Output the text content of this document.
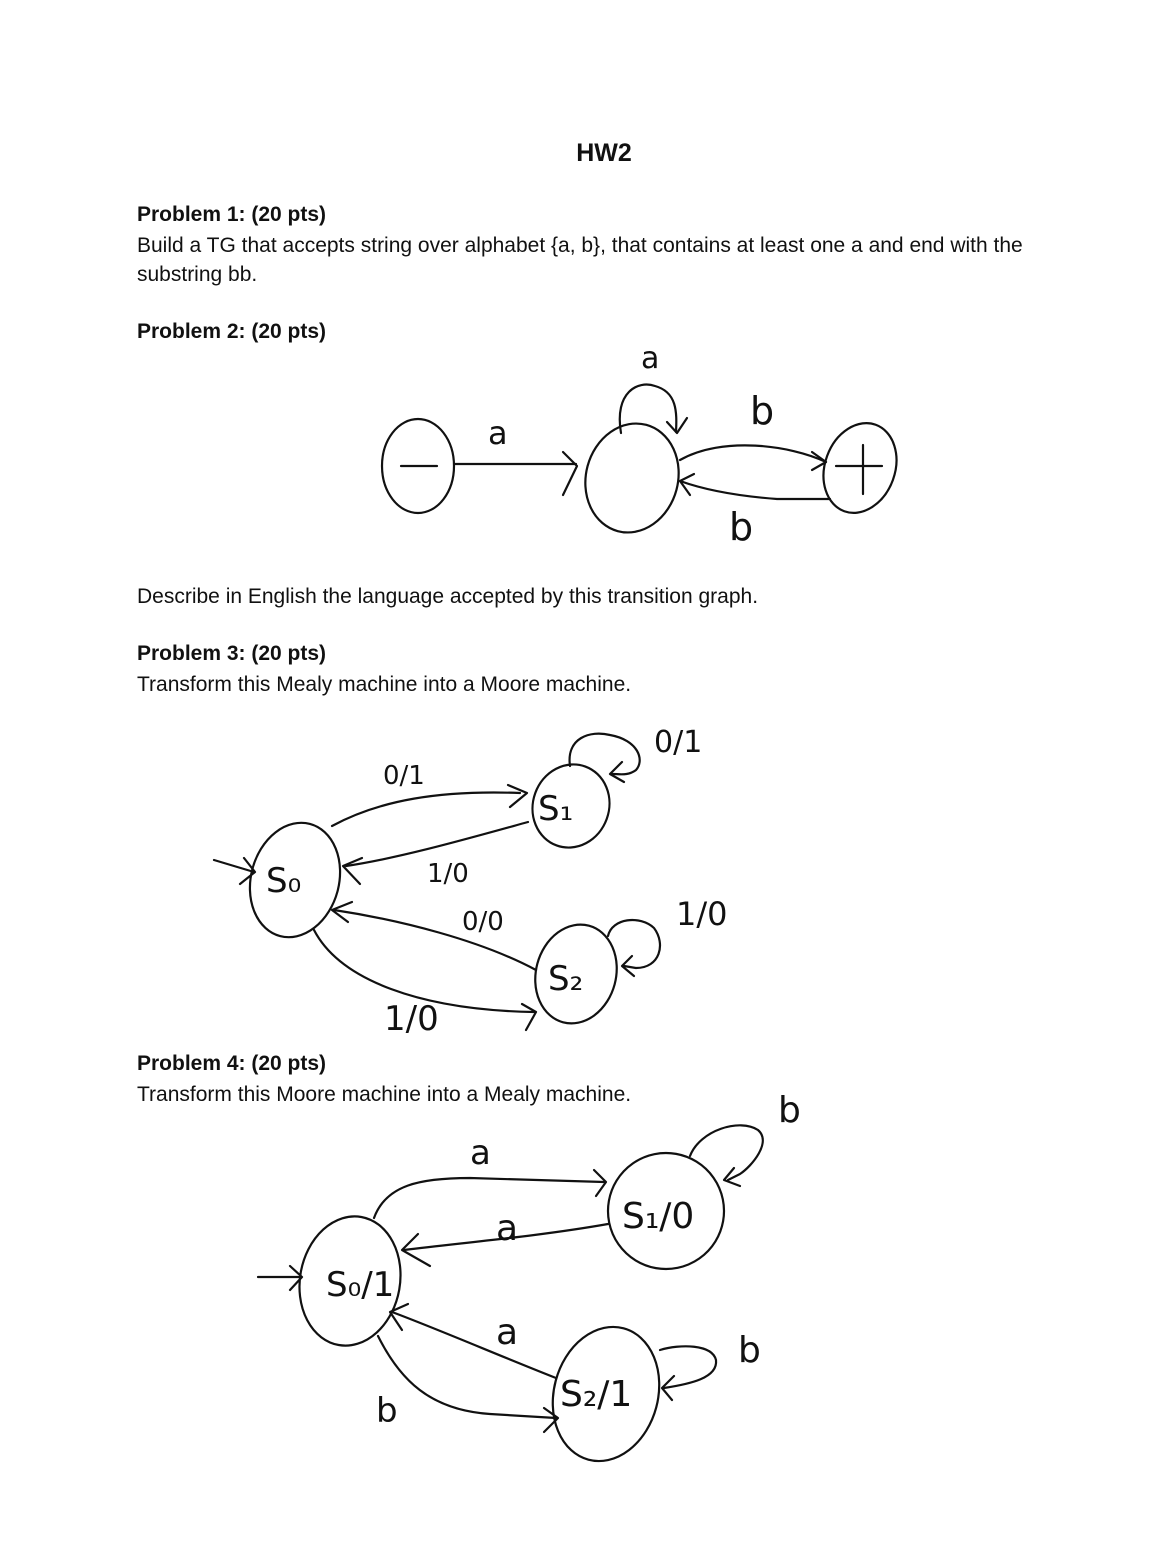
HW2
Problem 1: (20 pts)
Build a TG that accepts string over alphabet {a, b}, that contains at least one a and end with the substring bb.
Problem 2: (20 pts)
a
a
b
b
Describe in English the language accepted by this transition graph.
Problem 3: (20 pts)
Transform this Mealy machine into a Moore machine.
S₀
S₁
S₂
0/1
0/1
1/0
0/0	1/0
1/0
Problem 4: (20 pts)
Transform this Moore machine into a Mealy machine.
S₀/1
S₁/0
S₂/1
a
a
b
a
b
b
